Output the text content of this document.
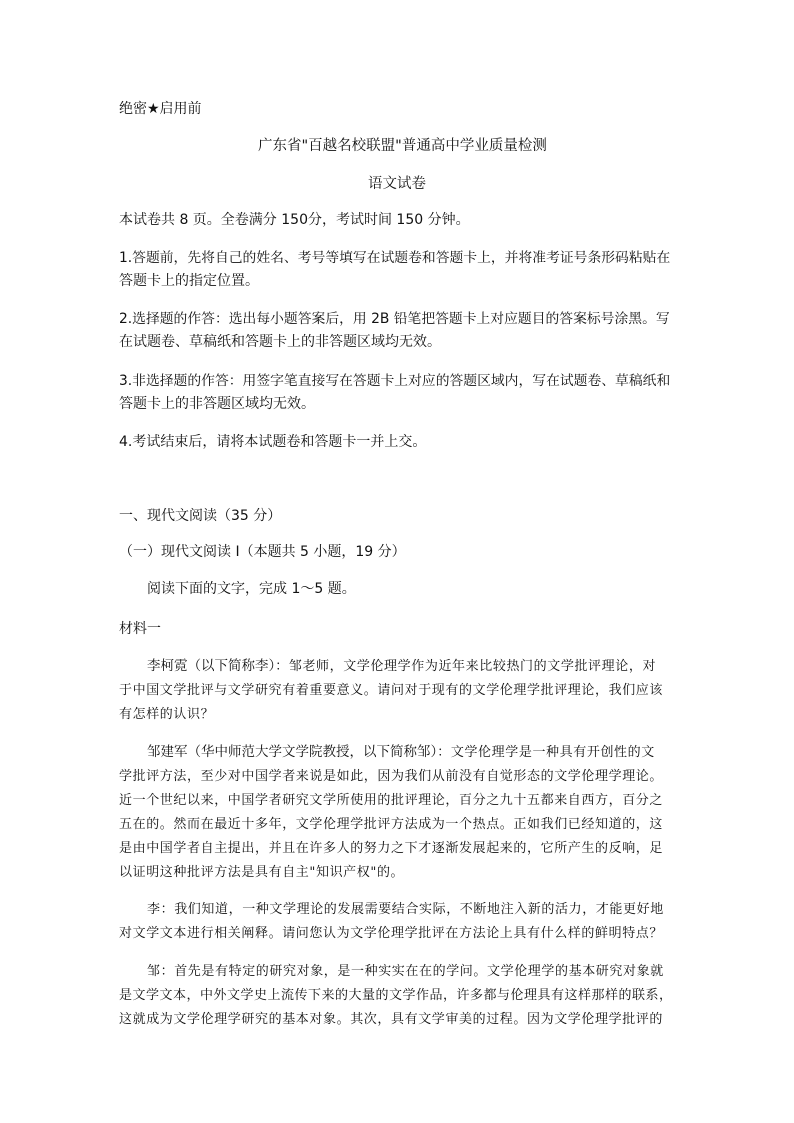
绝密★启用前
广东省"百越名校联盟"普通高中学业质量检测
语文试卷
本试卷共 8 页。全卷满分 150分，考试时间 150 分钟。
1.答题前，先将自己的姓名、考号等填写在试题卷和答题卡上，并将准考证号条形码粘贴在
答题卡上的指定位置。
2.选择题的作答：选出每小题答案后，用 2B 铅笔把答题卡上对应题目的答案标号涂黑。写
在试题卷、草稿纸和答题卡上的非答题区域均无效。
3.非选择题的作答：用签字笔直接写在答题卡上对应的答题区域内，写在试题卷、草稿纸和
答题卡上的非答题区域均无效。
4.考试结束后，请将本试题卷和答题卡一并上交。
一、现代文阅读（35 分）
（一）现代文阅读 I（本题共 5 小题，19 分）
阅读下面的文字，完成 1～5 题。
材料一
李柯霓（以下简称李）：邹老师，文学伦理学作为近年来比较热门的文学批评理论，对
于中国文学批评与文学研究有着重要意义。请问对于现有的文学伦理学批评理论，我们应该
有怎样的认识？
邹建军（华中师范大学文学院教授，以下简称邹）：文学伦理学是一种具有开创性的文
学批评方法，至少对中国学者来说是如此，因为我们从前没有自觉形态的文学伦理学理论。
近一个世纪以来，中国学者研究文学所使用的批评理论，百分之九十五都来自西方，百分之
五在的。然而在最近十多年，文学伦理学批评方法成为一个热点。正如我们已经知道的，这
是由中国学者自主提出，并且在许多人的努力之下才逐渐发展起来的，它所产生的反响，足
以证明这种批评方法是具有自主"知识产权"的。
李：我们知道，一种文学理论的发展需要结合实际，不断地注入新的活力，才能更好地
对文学文本进行相关阐释。请问您认为文学伦理学批评在方法论上具有什么样的鲜明特点？
邹：首先是有特定的研究对象，是一种实实在在的学问。文学伦理学的基本研究对象就
是文学文本，中外文学史上流传下来的大量的文学作品，许多都与伦理具有这样那样的联系，
这就成为文学伦理学研究的基本对象。其次，具有文学审美的过程。因为文学伦理学批评的
